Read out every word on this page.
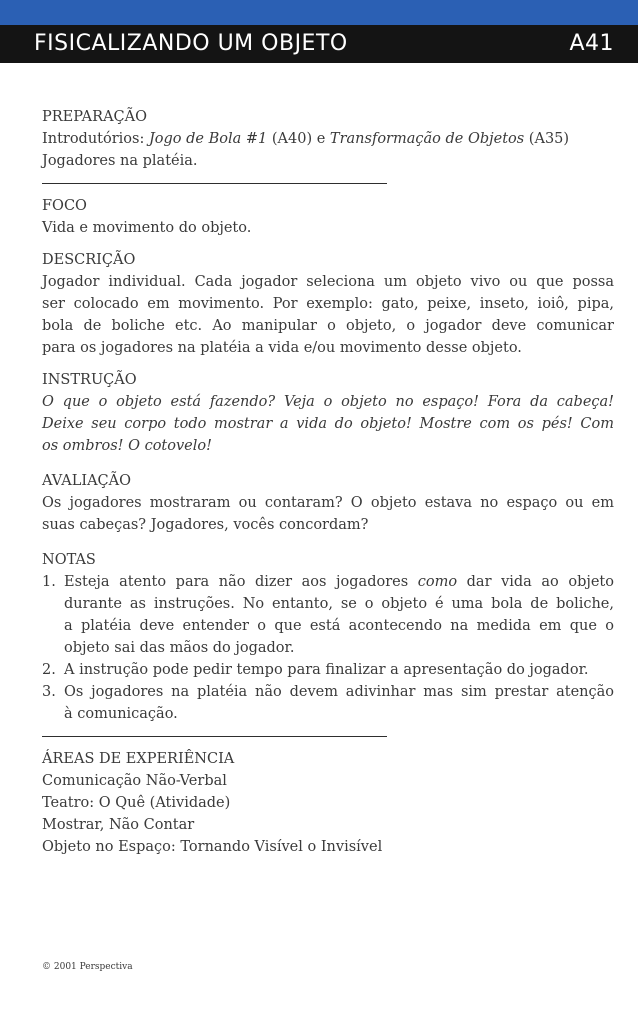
FISICALIZANDO UM OBJETO	A41
PREPARAÇÃO
Introdutórios: Jogo de Bola #1 (A40) e Transformação de Objetos (A35)
Jogadores na platéia.
FOCO
Vida e movimento do objeto.
DESCRIÇÃO
Jogador individual. Cada jogador seleciona um objeto vivo ou que possa
ser colocado em movimento. Por exemplo: gato, peixe, inseto, ioiô, pipa,
bola de boliche etc. Ao manipular o objeto, o jogador deve comunicar
para os jogadores na platéia a vida e/ou movimento desse objeto.
INSTRUÇÃO
O que o objeto está fazendo? Veja o objeto no espaço! Fora da cabeça!
Deixe seu corpo todo mostrar a vida do objeto! Mostre com os pés! Com
os ombros! O cotovelo!
AVALIAÇÃO
Os jogadores mostraram ou contaram? O objeto estava no espaço ou em
suas cabeças? Jogadores, vocês concordam?
NOTAS
1. Esteja atento para não dizer aos jogadores como dar vida ao objeto
durante as instruções. No entanto, se o objeto é uma bola de boliche,
a platéia deve entender o que está acontecendo na medida em que o
objeto sai das mãos do jogador.
2. A instrução pode pedir tempo para finalizar a apresentação do jogador.
3. Os jogadores na platéia não devem adivinhar mas sim prestar atenção
à comunicação.
ÁREAS DE EXPERIÊNCIA
Comunicação Não-Verbal
Teatro: O Quê (Atividade)
Mostrar, Não Contar
Objeto no Espaço: Tornando Visível o Invisível
© 2001 Perspectiva
